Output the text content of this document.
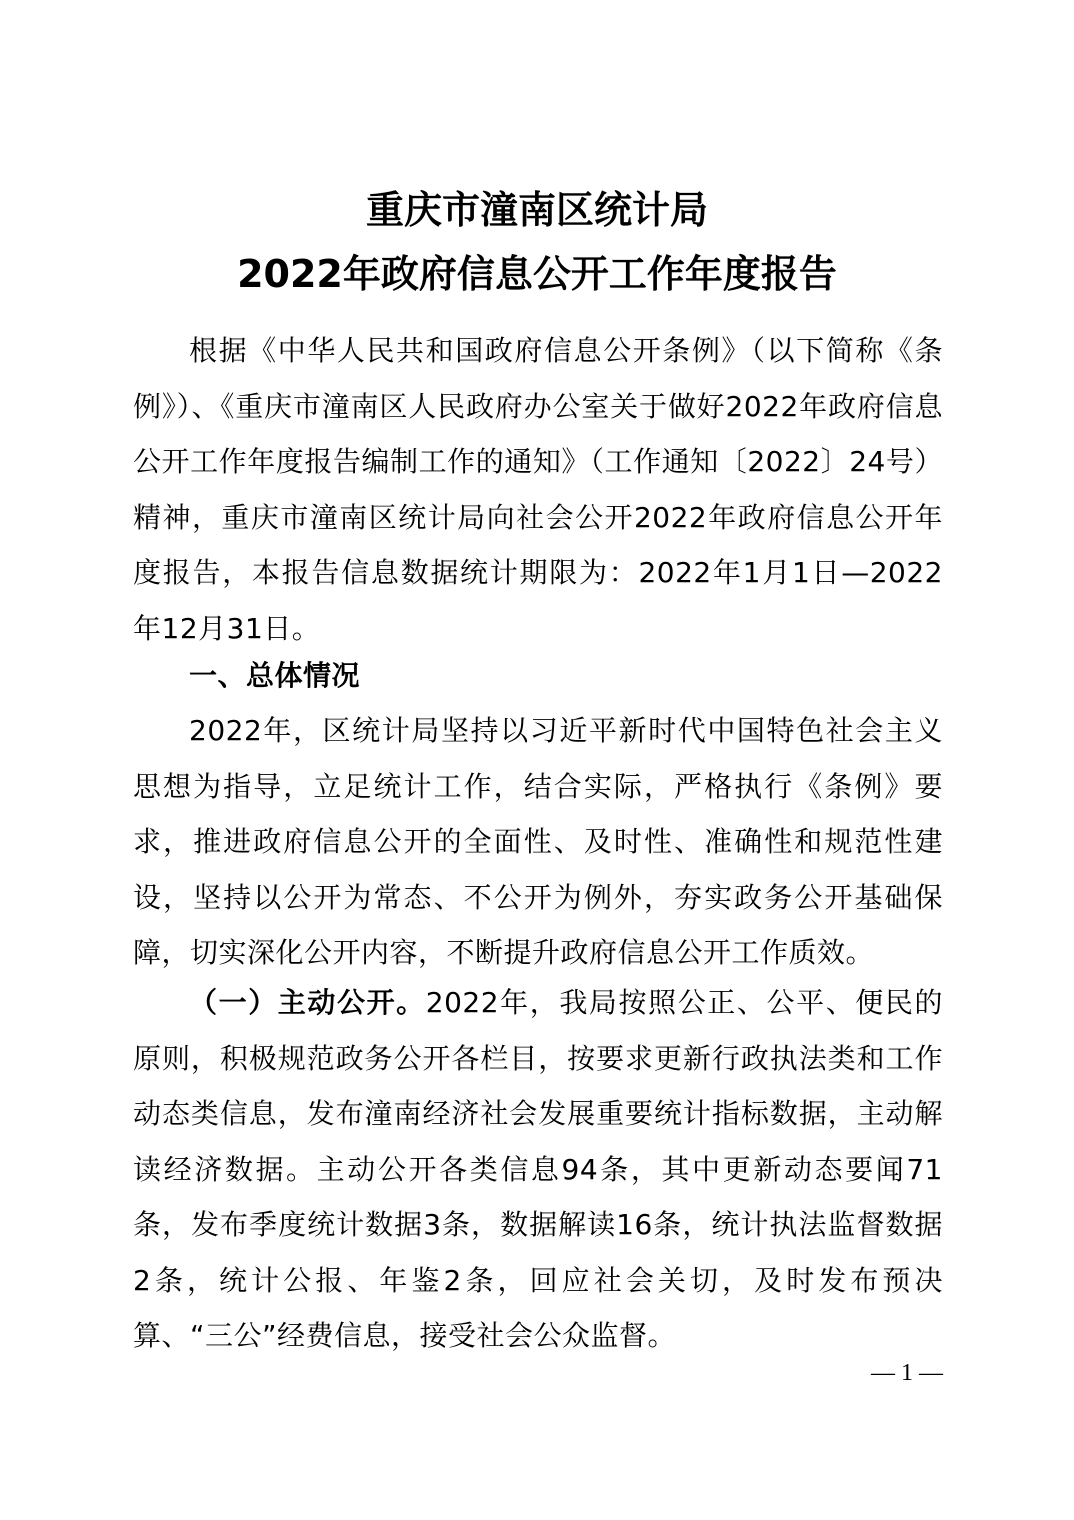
重庆市潼南区统计局
2022年政府信息公开工作年度报告

根据《中华人民共和国政府信息公开条例》（以下简称《条例》）、《重庆市潼南区人民政府办公室关于做好2022年政府信息公开工作年度报告编制工作的通知》（工作通知〔2022〕24号）精神，重庆市潼南区统计局向社会公开2022年政府信息公开年度报告，本报告信息数据统计期限为：2022年1月1日—2022年12月31日。

一、总体情况

2022年，区统计局坚持以习近平新时代中国特色社会主义思想为指导，立足统计工作，结合实际，严格执行《条例》要求，推进政府信息公开的全面性、及时性、准确性和规范性建设，坚持以公开为常态、不公开为例外，夯实政务公开基础保障，切实深化公开内容，不断提升政府信息公开工作质效。

（一）主动公开。2022年，我局按照公正、公平、便民的原则，积极规范政务公开各栏目，按要求更新行政执法类和工作动态类信息，发布潼南经济社会发展重要统计指标数据，主动解读经济数据。主动公开各类信息94条，其中更新动态要闻71条，发布季度统计数据3条，数据解读16条，统计执法监督数据2条，统计公报、年鉴2条，回应社会关切，及时发布预决算、“三公”经费信息，接受社会公众监督。

— 1 —
